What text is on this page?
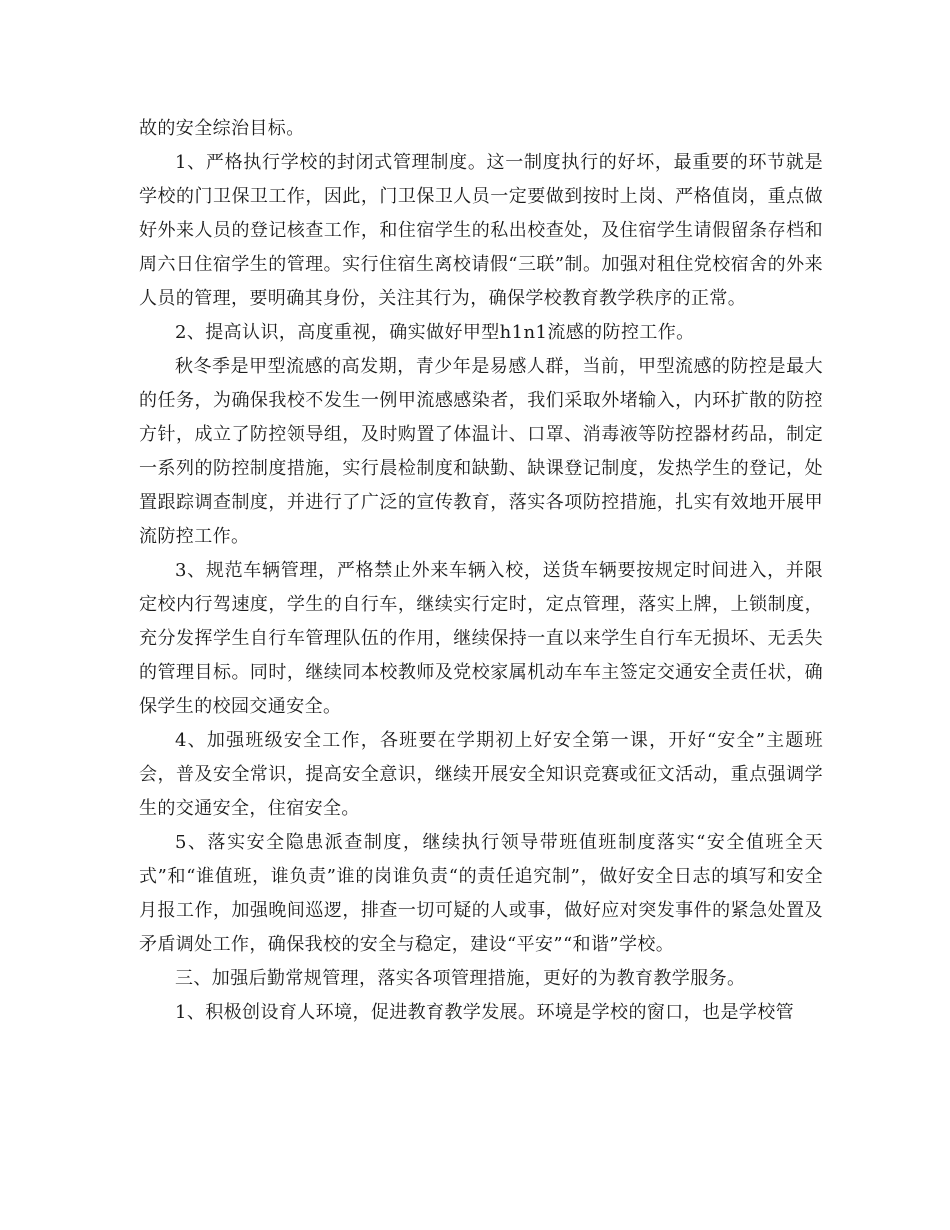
故的安全综治目标。

1、严格执行学校的封闭式管理制度。这一制度执行的好坏，最重要的环节就是学校的门卫保卫工作，因此，门卫保卫人员一定要做到按时上岗、严格值岗，重点做好外来人员的登记核查工作，和住宿学生的私出校查处，及住宿学生请假留条存档和周六日住宿学生的管理。实行住宿生离校请假“三联”制。加强对租住党校宿舍的外来人员的管理，要明确其身份，关注其行为，确保学校教育教学秩序的正常。

2、提高认识，高度重视，确实做好甲型h1n1流感的防控工作。

秋冬季是甲型流感的高发期，青少年是易感人群，当前，甲型流感的防控是最大的任务，为确保我校不发生一例甲流感感染者，我们采取外堵输入，内环扩散的防控方针，成立了防控领导组，及时购置了体温计、口罩、消毒液等防控器材药品，制定一系列的防控制度措施，实行晨检制度和缺勤、缺课登记制度，发热学生的登记，处置跟踪调查制度，并进行了广泛的宣传教育，落实各项防控措施，扎实有效地开展甲流防控工作。

3、规范车辆管理，严格禁止外来车辆入校，送货车辆要按规定时间进入，并限定校内行驾速度，学生的自行车，继续实行定时，定点管理，落实上牌，上锁制度，充分发挥学生自行车管理队伍的作用，继续保持一直以来学生自行车无损坏、无丢失的管理目标。同时，继续同本校教师及党校家属机动车车主签定交通安全责任状，确保学生的校园交通安全。

4、加强班级安全工作，各班要在学期初上好安全第一课，开好“安全”主题班会，普及安全常识，提高安全意识，继续开展安全知识竞赛或征文活动，重点强调学生的交通安全，住宿安全。

5、落实安全隐患派查制度，继续执行领导带班值班制度落实“安全值班全天式”和“谁值班，谁负责”谁的岗谁负责“的责任追究制”，做好安全日志的填写和安全月报工作，加强晚间巡逻，排查一切可疑的人或事，做好应对突发事件的紧急处置及矛盾调处工作，确保我校的安全与稳定，建设“平安”“和谐”学校。

三、加强后勤常规管理，落实各项管理措施，更好的为教育教学服务。

1、积极创设育人环境，促进教育教学发展。环境是学校的窗口，也是学校管
